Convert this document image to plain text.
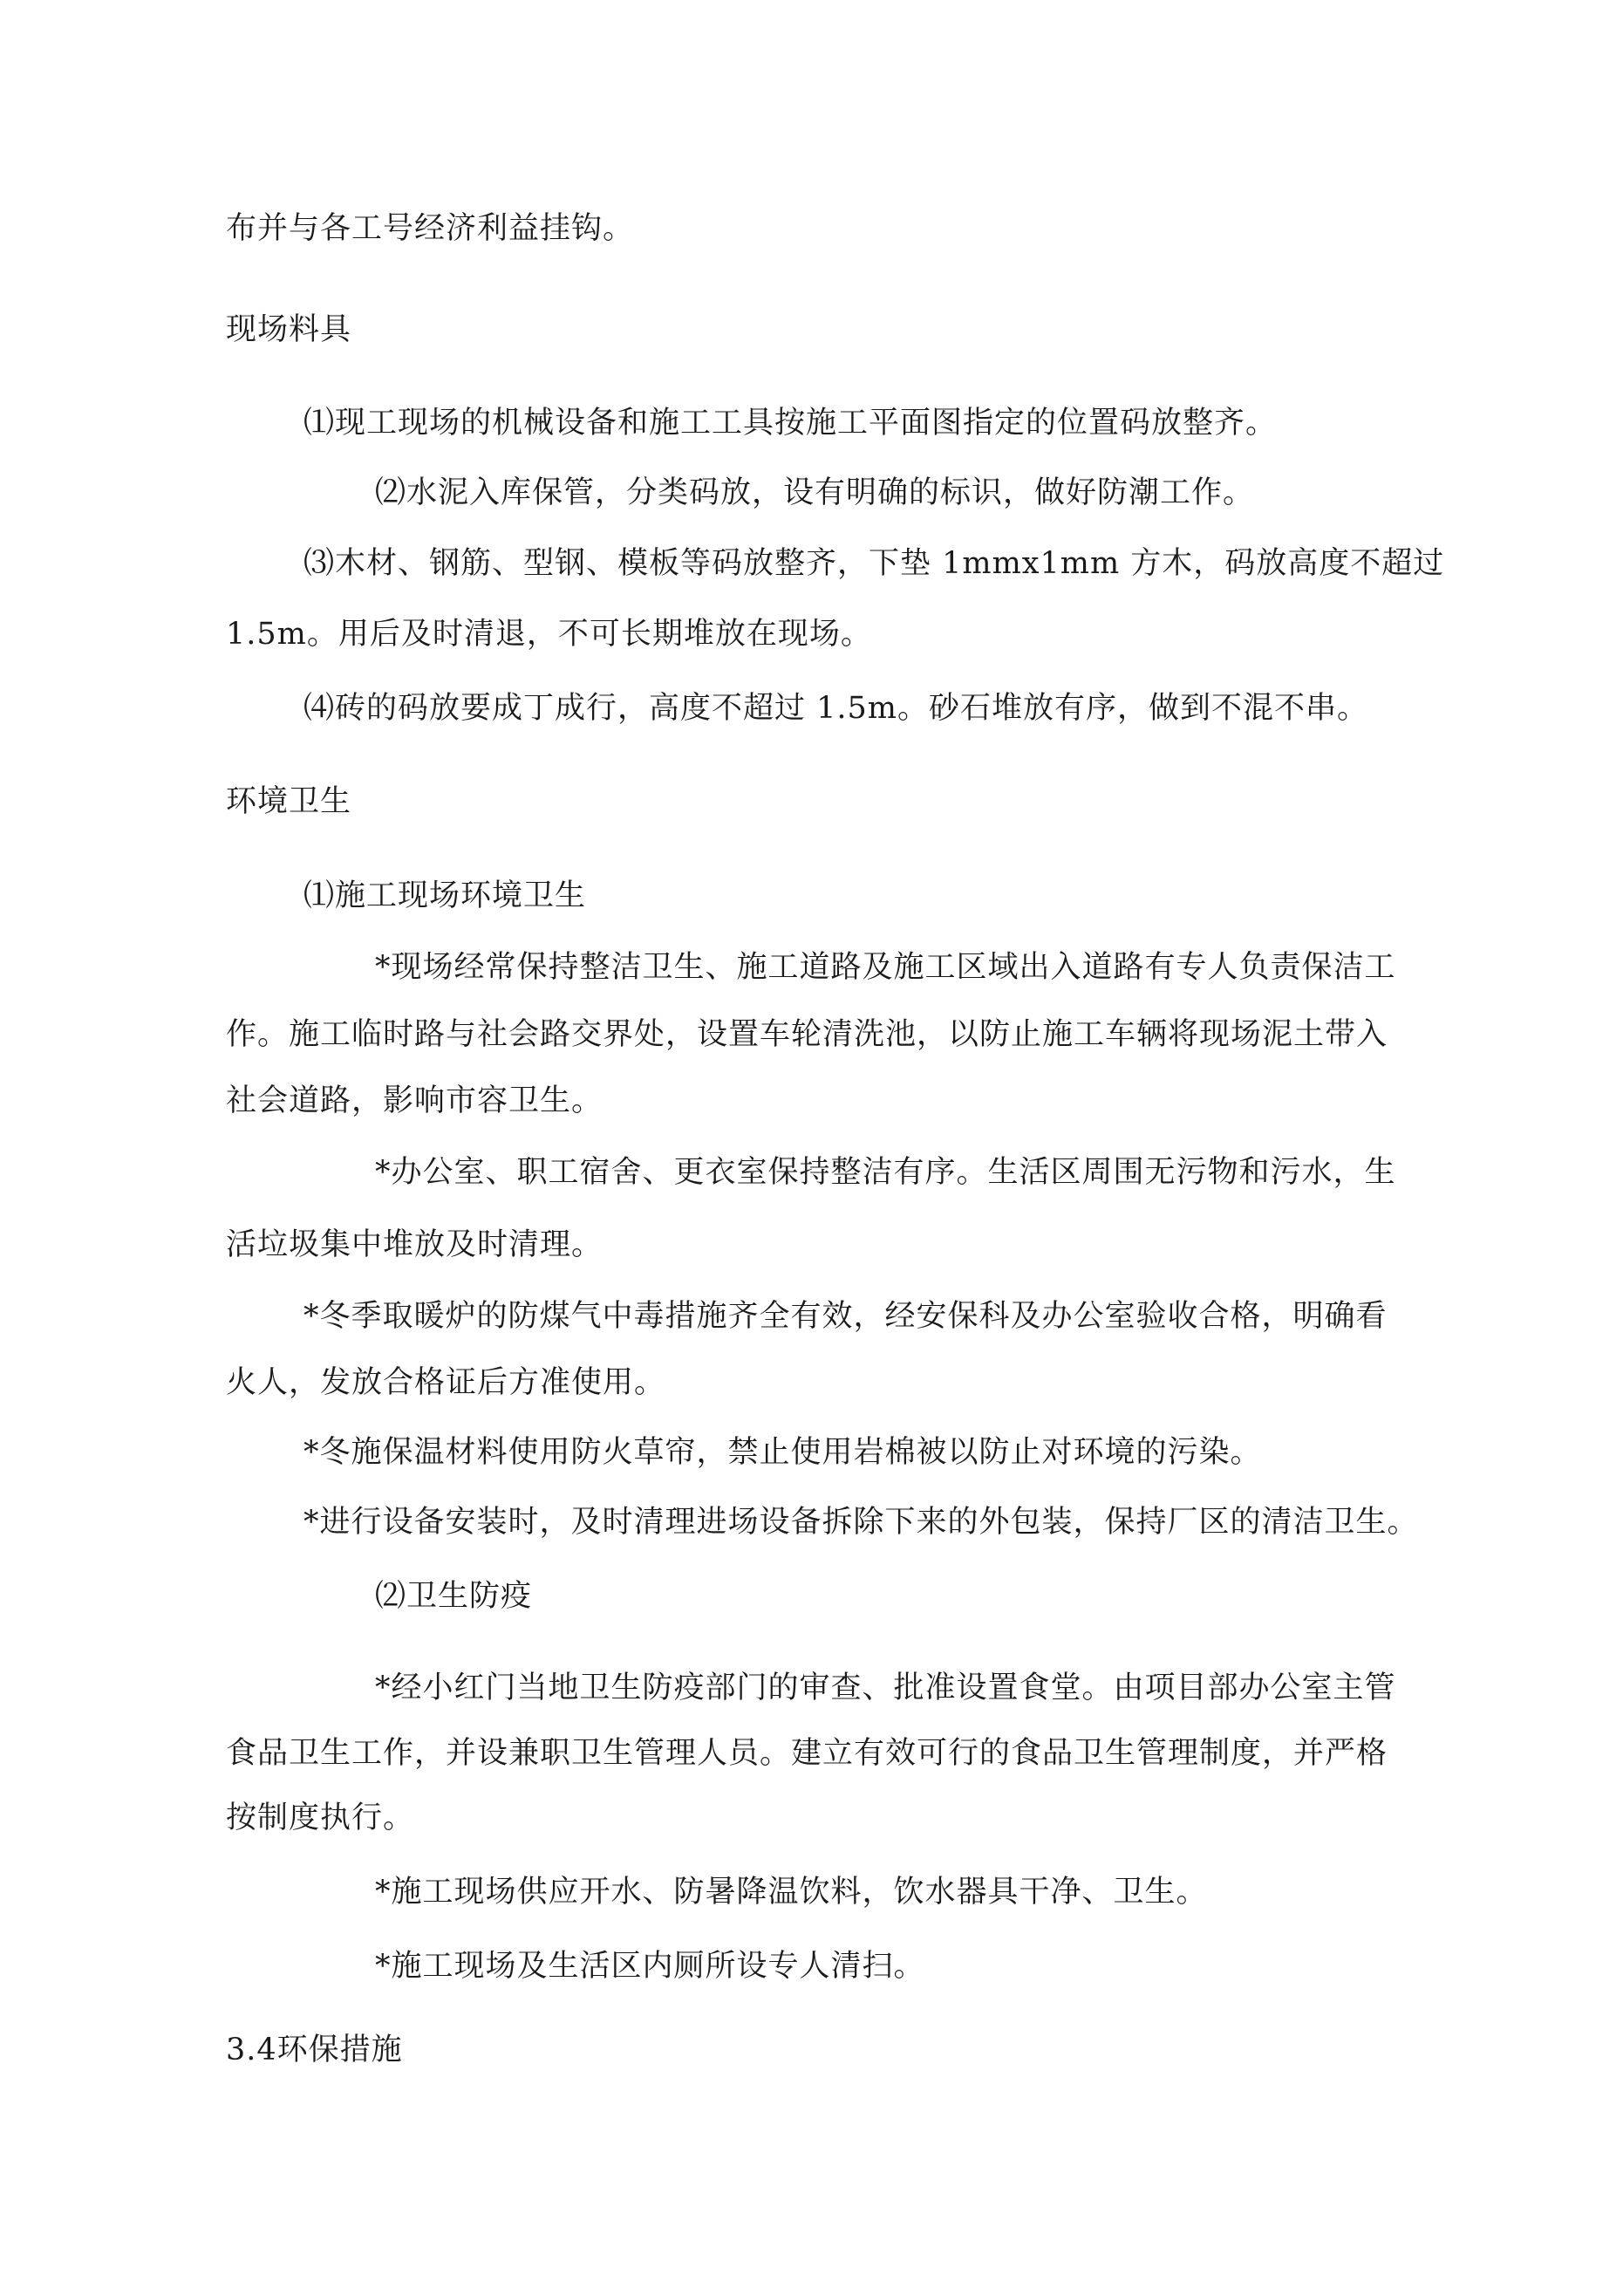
布并与各工号经济利益挂钩。
现场料具
⑴现工现场的机械设备和施工工具按施工平面图指定的位置码放整齐。
⑵水泥入库保管，分类码放，设有明确的标识，做好防潮工作。
⑶木材、钢筋、型钢、模板等码放整齐，下垫 1mmx1mm 方木，码放高度不超过
1.5m。用后及时清退，不可长期堆放在现场。
⑷砖的码放要成丁成行，高度不超过 1.5m。砂石堆放有序，做到不混不串。
环境卫生
⑴施工现场环境卫生
*现场经常保持整洁卫生、施工道路及施工区域出入道路有专人负责保洁工
作。施工临时路与社会路交界处，设置车轮清洗池，以防止施工车辆将现场泥土带入
社会道路，影响市容卫生。
*办公室、职工宿舍、更衣室保持整洁有序。生活区周围无污物和污水，生
活垃圾集中堆放及时清理。
*冬季取暖炉的防煤气中毒措施齐全有效，经安保科及办公室验收合格，明确看
火人，发放合格证后方准使用。
*冬施保温材料使用防火草帘，禁止使用岩棉被以防止对环境的污染。
*进行设备安装时，及时清理进场设备拆除下来的外包装，保持厂区的清洁卫生。
⑵卫生防疫
*经小红门当地卫生防疫部门的审查、批准设置食堂。由项目部办公室主管
食品卫生工作，并设兼职卫生管理人员。建立有效可行的食品卫生管理制度，并严格
按制度执行。
*施工现场供应开水、防暑降温饮料，饮水器具干净、卫生。
*施工现场及生活区内厕所设专人清扫。
3.4环保措施
